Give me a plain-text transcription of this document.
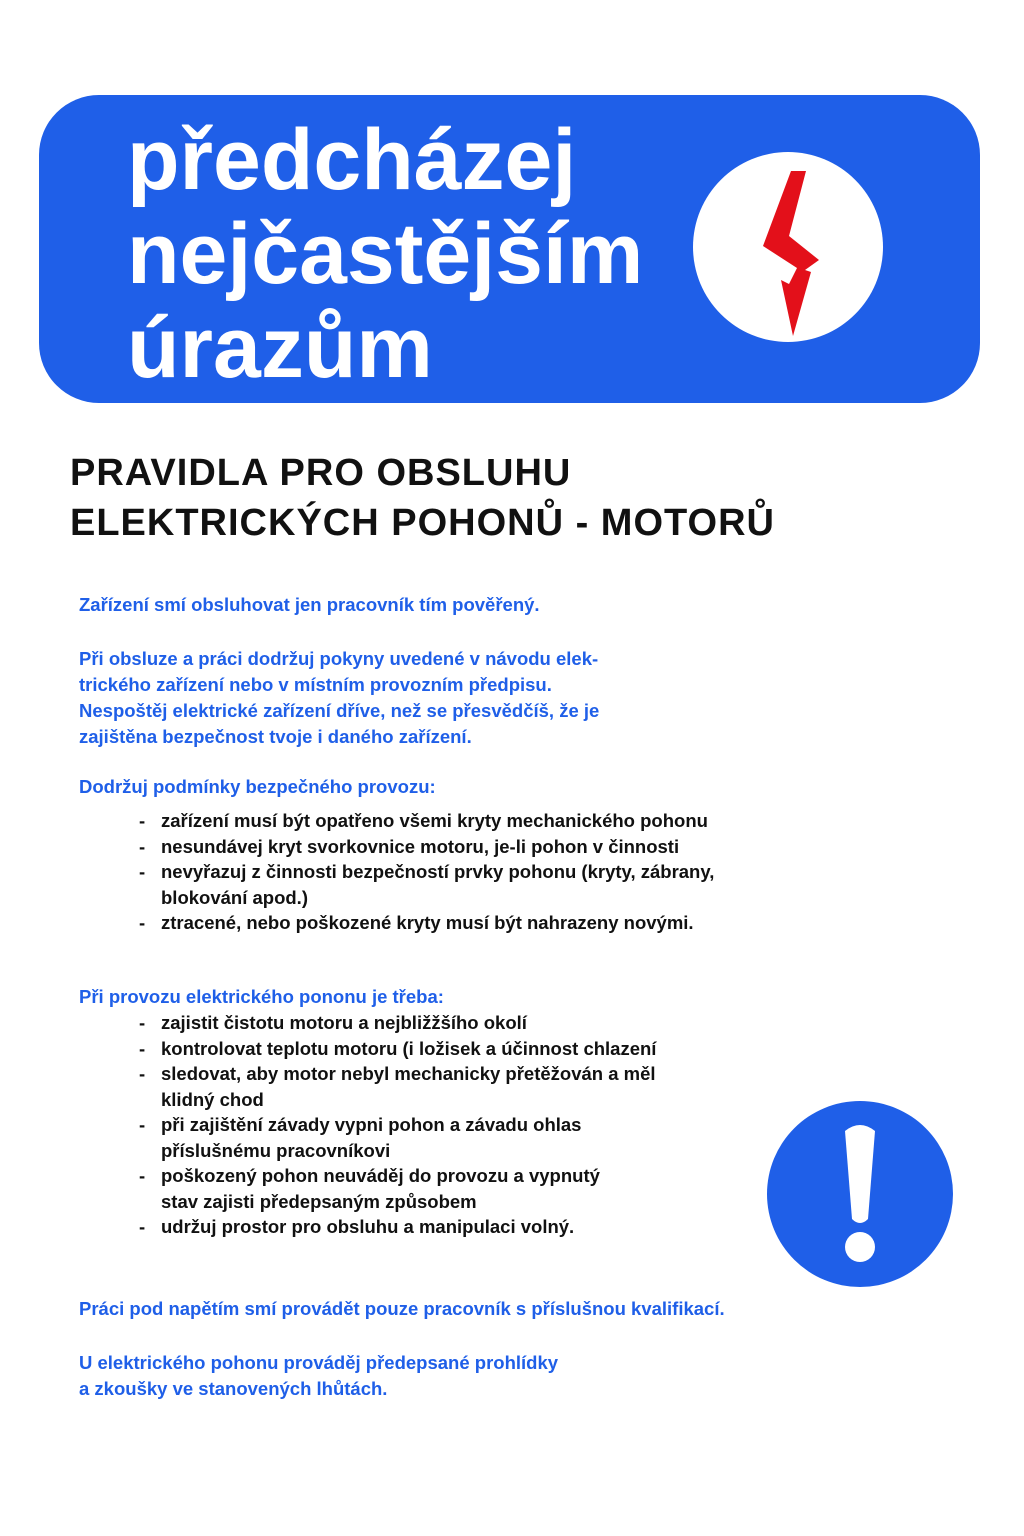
předcházej
nejčastějším
úrazům
PRAVIDLA PRO OBSLUHU
ELEKTRICKÝCH POHONŮ - MOTORŮ
Zařízení smí obsluhovat jen pracovník tím pověřený.
Při obsluze a práci dodržuj pokyny uvedené v návodu elek-
trického zařízení nebo v místním provozním předpisu.
Nespoštěj elektrické zařízení dříve, než se přesvědčíš, že je
zajištěna bezpečnost tvoje i daného zařízení.
Dodržuj podmínky bezpečného provozu:
- zařízení musí být opatřeno všemi kryty mechanického pohonu
- nesundávej kryt svorkovnice motoru, je-li pohon v činnosti
- nevyřazuj z činnosti bezpečností prvky pohonu (kryty, zábrany,
blokování apod.)
- ztracené, nebo poškozené kryty musí být nahrazeny novými.
Při provozu elektrického pononu je třeba:
- zajistit čistotu motoru a nejbližžšího okolí
- kontrolovat teplotu motoru (i ložisek a účinnost chlazení
- sledovat, aby motor nebyl mechanicky přetěžován a měl
klidný chod
- při zajištění závady vypni pohon a závadu ohlas
příslušnému pracovníkovi
- poškozený pohon neuváděj do provozu a vypnutý
stav zajisti předepsaným způsobem
- udržuj prostor pro obsluhu a manipulaci volný.
Práci pod napětím smí provádět pouze pracovník s příslušnou kvalifikací.
U elektrického pohonu prováděj předepsané prohlídky
a zkoušky ve stanovených lhůtách.
